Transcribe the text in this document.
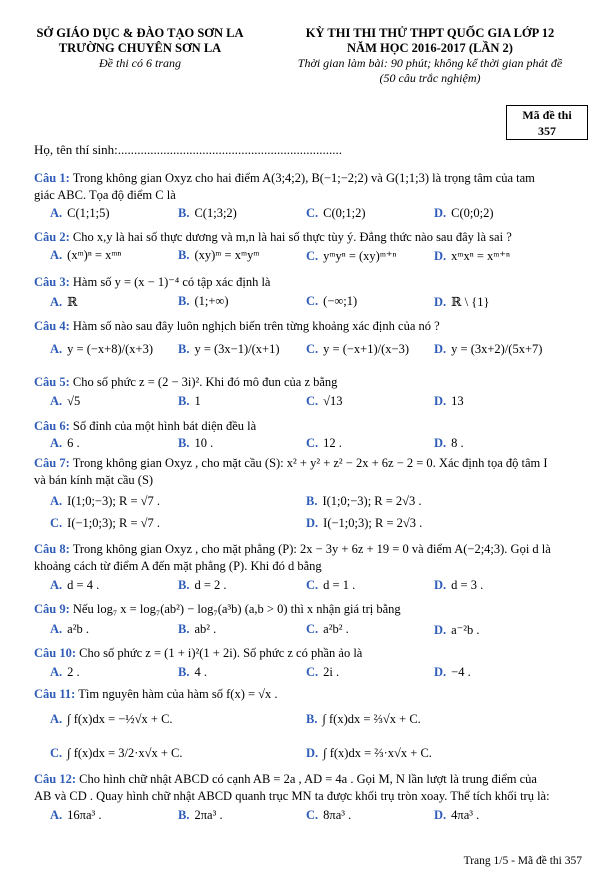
SỞ GIÁO DỤC & ĐÀO TẠO SƠN LA
TRƯỜNG CHUYÊN SƠN LA
Đề thi có 6 trang
KỲ THI THI THỬ THPT QUỐC GIA LỚP 12
NĂM HỌC 2016-2017 (LẦN 2)
Thời gian làm bài: 90 phút; không kể thời gian phát đề
(50 câu trắc nghiệm)
Mã đề thi
357
Họ, tên thí sinh:.....................................................................
Câu 1: Trong không gian Oxyz cho hai điểm A(3;4;2), B(−1;−2;2) và G(1;1;3) là trọng tâm của tam
giác ABC. Tọa độ điểm C là
A. C(1;1;5)	B. C(1;3;2)	C. C(0;1;2)	D. C(0;0;2)
Câu 2: Cho x,y là hai số thực dương và m,n là hai số thực tùy ý. Đẳng thức nào sau đây là sai ?
A. (xᵐ)ⁿ = xᵐⁿ	B. (xy)ᵐ = xᵐyᵐ	C. yᵐyⁿ = (xy)ᵐ⁺ⁿ	D. xᵐxⁿ = xᵐ⁺ⁿ
Câu 3: Hàm số y = (x − 1)⁻⁴ có tập xác định là
A. ℝ	B. (1;+∞)	C. (−∞;1)	D. ℝ \ {1}
Câu 4: Hàm số nào sau đây luôn nghịch biến trên từng khoảng xác định của nó ?
A. y = (−x+8)/(x+3) B. y = (3x−1)/(x+1) C. y = (−x+1)/(x−3) D. y = (3x+2)/(5x+7)
Câu 5: Cho số phức z = (2 − 3i)². Khi đó mô đun của z bằng
A. √5	B. 1	C. √13	D. 13
Câu 6: Số đỉnh của một hình bát diện đều là
A. 6 .	B. 10 .	C. 12 .	D. 8 .
Câu 7: Trong không gian Oxyz , cho mặt cầu (S): x² + y² + z² − 2x + 6z − 2 = 0. Xác định tọa độ tâm I
và bán kính mặt cầu (S)
A. I(1;0;−3); R = √7 .	B. I(1;0;−3); R = 2√3 .
C. I(−1;0;3); R = √7 .	D. I(−1;0;3); R = 2√3 .
Câu 8: Trong không gian Oxyz , cho mặt phẳng (P): 2x − 3y + 6z + 19 = 0 và điểm A(−2;4;3). Gọi d là
khoảng cách từ điểm A đến mặt phẳng (P). Khi đó d bằng
A. d = 4 .	B. d = 2 .	C. d = 1 .	D. d = 3 .
Câu 9: Nếu log₇ x = log₇(ab²) − log₇(a³b) (a,b > 0) thì x nhận giá trị bằng
A. a²b .	B. ab² .	C. a²b² .	D. a⁻²b .
Câu 10: Cho số phức z = (1 + i)²(1 + 2i). Số phức z có phần ảo là
A. 2 .	B. 4 .	C. 2i .	D. −4 .
Câu 11: Tìm nguyên hàm của hàm số f(x) = √x .
A. ∫ f(x)dx = −½√x + C.	B. ∫ f(x)dx = ⅔√x + C.
C. ∫ f(x)dx = 3/2·x√x + C.	D. ∫ f(x)dx = ⅔·x√x + C.
Câu 12: Cho hình chữ nhật ABCD có cạnh AB = 2a , AD = 4a . Gọi M, N lần lượt là trung điểm của
AB và CD . Quay hình chữ nhật ABCD quanh trục MN ta được khối trụ tròn xoay. Thể tích khối trụ là:
A. 16πa³ .	B. 2πa³ .	C. 8πa³ .	D. 4πa³ .
Trang 1/5 - Mã đề thi 357
